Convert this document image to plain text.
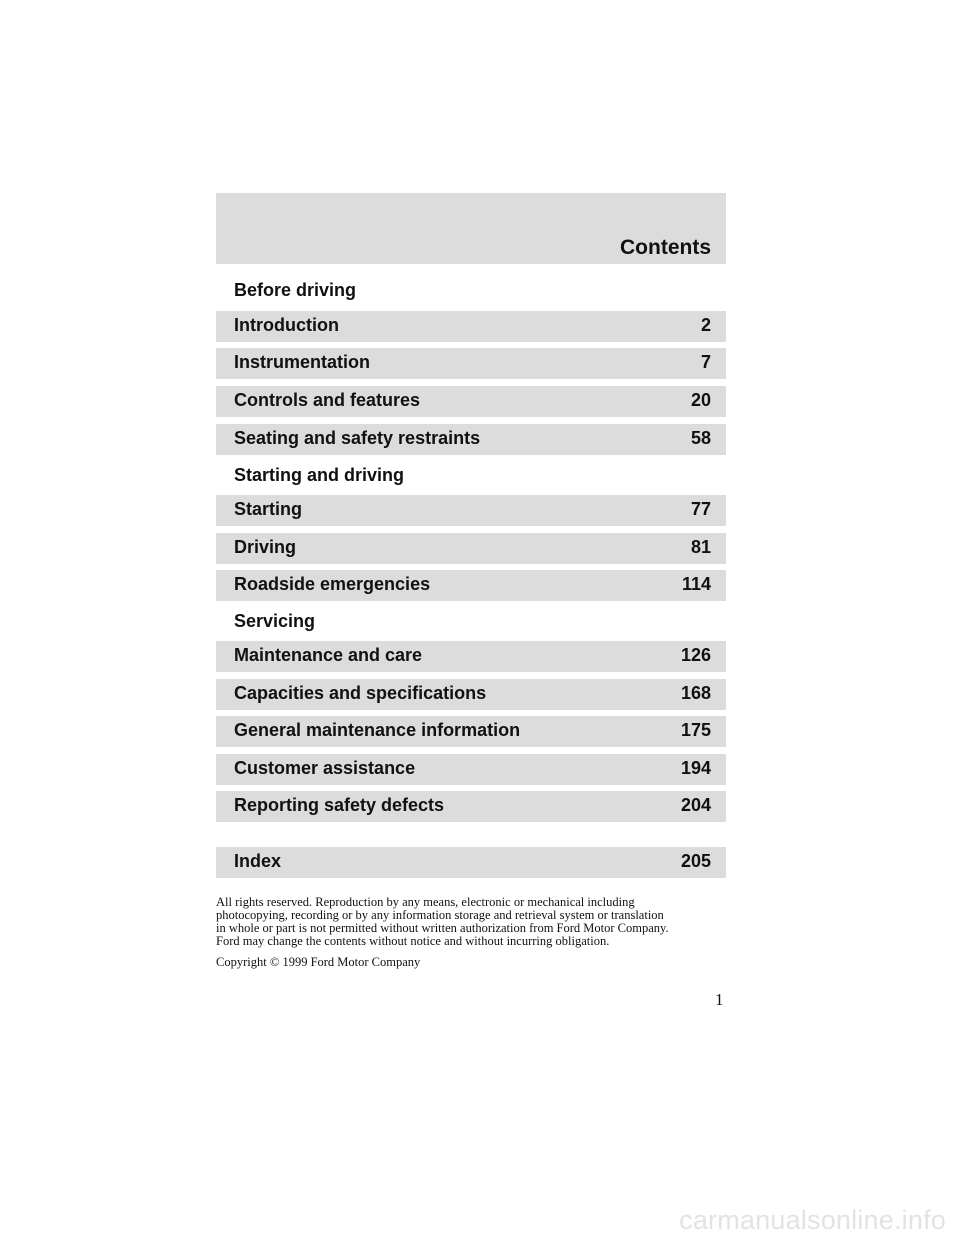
Contents
Before driving
Introduction	2
Instrumentation	7
Controls and features	20
Seating and safety restraints	58
Starting and driving
Starting	77
Driving	81
Roadside emergencies	114
Servicing
Maintenance and care	126
Capacities and specifications	168
General maintenance information	175
Customer assistance	194
Reporting safety defects	204
Index	205
All rights reserved. Reproduction by any means, electronic or mechanical including
photocopying, recording or by any information storage and retrieval system or translation
in whole or part is not permitted without written authorization from Ford Motor Company.
Ford may change the contents without notice and without incurring obligation.
Copyright © 1999 Ford Motor Company
1
carmanualsonline.info
